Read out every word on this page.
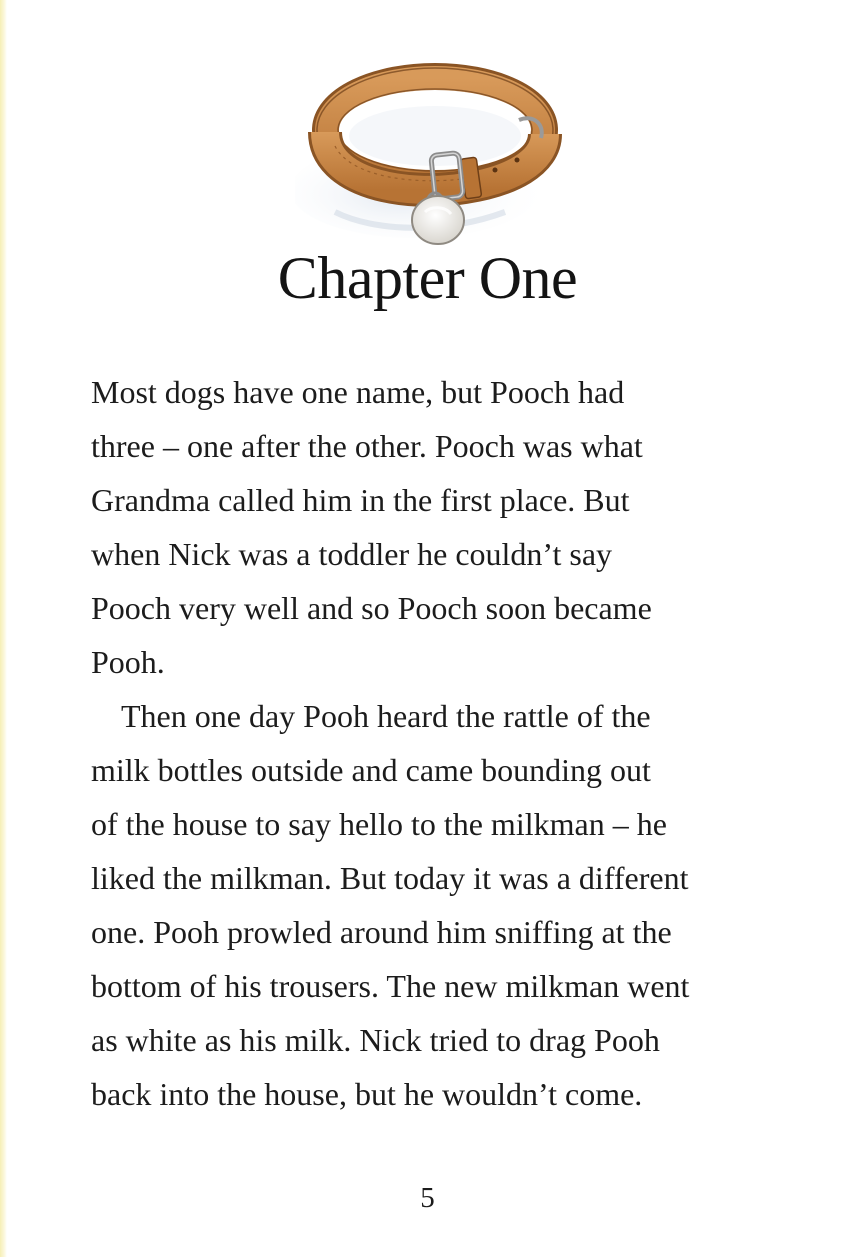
Chapter One
Most dogs have one name, but Pooch had
three – one after the other. Pooch was what
Grandma called him in the first place. But
when Nick was a toddler he couldn’t say
Pooch very well and so Pooch soon became
Pooh.
Then one day Pooh heard the rattle of the
milk bottles outside and came bounding out
of the house to say hello to the milkman – he
liked the milkman. But today it was a different
one. Pooh prowled around him sniffing at the
bottom of his trousers. The new milkman went
as white as his milk. Nick tried to drag Pooh
back into the house, but he wouldn’t come.
5
